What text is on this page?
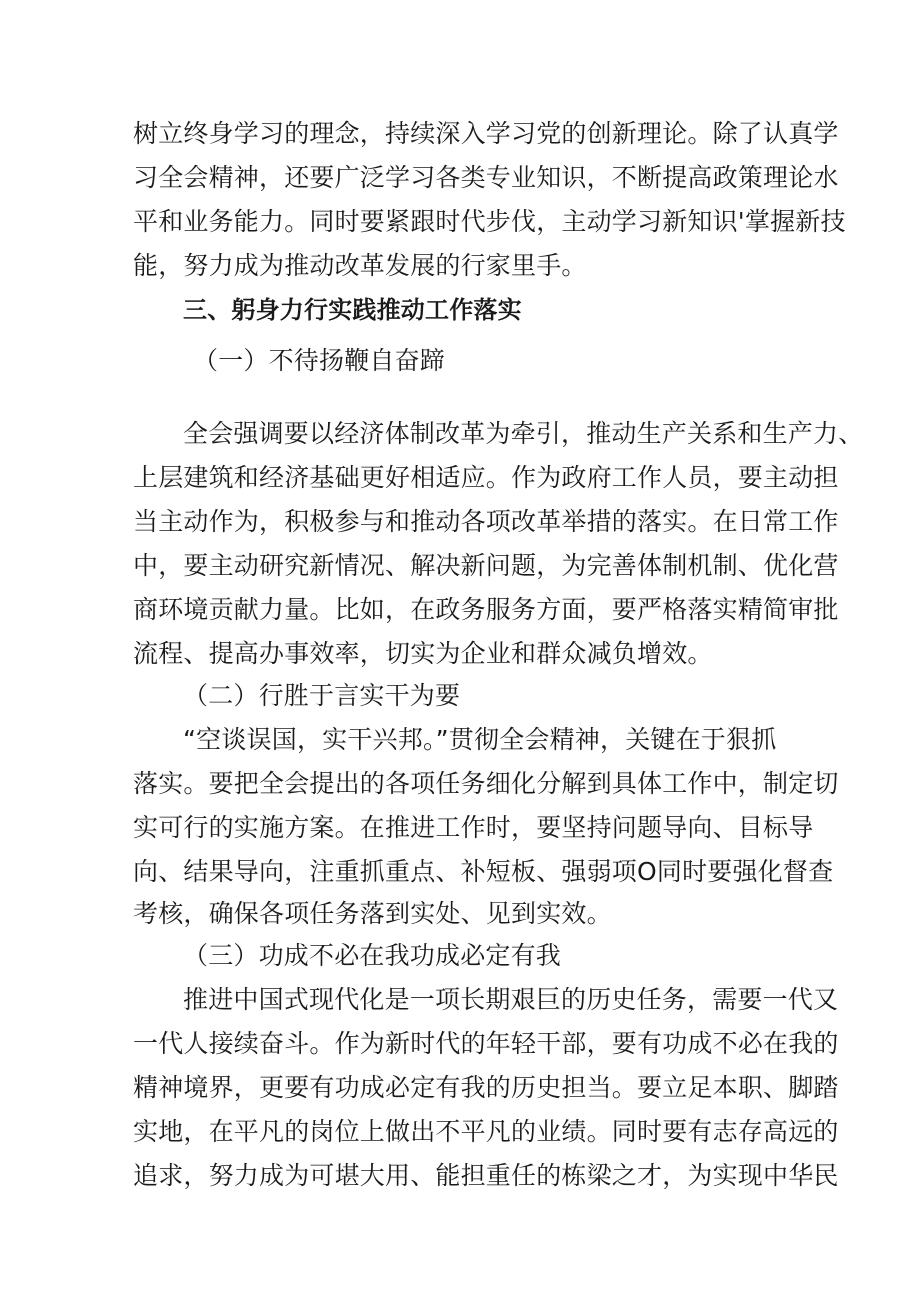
树立终身学习的理念，持续深入学习党的创新理论。除了认真学
习全会精神，还要广泛学习各类专业知识，不断提高政策理论水
平和业务能力。同时要紧跟时代步伐，主动学习新知识'掌握新技
能，努力成为推动改革发展的行家里手。
三、躬身力行实践推动工作落实
（一）不待扬鞭自奋蹄
全会强调要以经济体制改革为牵引，推动生产关系和生产力、
上层建筑和经济基础更好相适应。作为政府工作人员，要主动担
当主动作为，积极参与和推动各项改革举措的落实。在日常工作
中，要主动研究新情况、解决新问题，为完善体制机制、优化营
商环境贡献力量。比如，在政务服务方面，要严格落实精简审批
流程、提高办事效率，切实为企业和群众减负增效。
（二）行胜于言实干为要
“空谈误国，实干兴邦。”贯彻全会精神，关键在于狠抓
落实。要把全会提出的各项任务细化分解到具体工作中，制定切
实可行的实施方案。在推进工作时，要坚持问题导向、目标导
向、结果导向，注重抓重点、补短板、强弱项O同时要强化督查
考核，确保各项任务落到实处、见到实效。
（三）功成不必在我功成必定有我
推进中国式现代化是一项长期艰巨的历史任务，需要一代又
一代人接续奋斗。作为新时代的年轻干部，要有功成不必在我的
精神境界，更要有功成必定有我的历史担当。要立足本职、脚踏
实地，在平凡的岗位上做出不平凡的业绩。同时要有志存高远的
追求，努力成为可堪大用、能担重任的栋梁之才，为实现中华民
